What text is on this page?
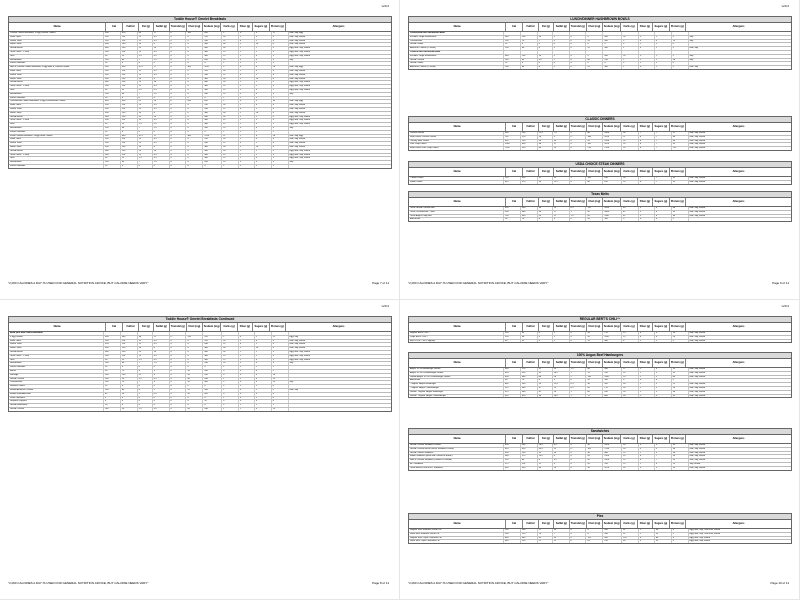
v20.2
"2,000 CALORIES A DAY IS USED FOR GENERAL NUTRITION ADVICE, BUT CALORIE NEEDS VARY"	Page 7 of 11
Toddle House® Omelet Breakfasts
Name	Cal	FatCal	Fat (g)	Satfat (g)	Transfat (g)	Chol (mg)	Sodium (mg)	Carbs (g)	Fiber (g)	Sugars (g)	Protein (g)	Allergens
Cheese Omelet Breakfast: 3 Egg Cheese Omelet	500	410	45	17	0	195	620	3	0	3	17	Milk, Soy, Egg
White Toast	230	110	12	4.5	0	0	370	26	1	4	4	Milk, Soy, Wheat
Wheat Toast	230	110	12	4.5	0	0	330	22	4	2	4	Milk, Soy, Wheat
Raisin Toast	300	130	14	6	0	0	360	38	2	16	6	Milk, Soy, Wheat
Grilled Biscuit	380	230	25	14	0	0	900	34	1	1	5	Egg, Milk, Soy, Wheat
Texas Toast - 1 Slice	200	110	12	4.5	0	0	300	19	1	2	3	Egg, Milk, Soy, Wheat
Grits	90	25	2.5	0.5	0	0	300	15	1	0	1	Egg, Milk, Soy, Wheat
Hashbrowns	190	60	7	2.5	0	0	240	29	3	0	3	Soy
Sliced Tomatoes	10	0	0	0	0	0	0	2	1	1	1
Ham & Cheese Omelet Breakfast: 3 Egg Ham & Cheese Omelet	560	430	47.5	17	0	305	1120	5	0	4	26	Milk, Soy, Egg
White Toast	230	110	12	4.5	0	0	370	26	1	4	4	Milk, Soy, Wheat
Wheat Toast	230	110	12	4.5	0	0	330	22	4	2	4	Milk, Soy, Wheat
Raisin Toast	300	130	14	6	0	0	360	38	2	16	6	Milk, Soy, Wheat
Grilled Biscuit	380	230	25	14	0	0	900	34	1	1	5	Egg, Milk, Soy, Wheat
Texas Toast - 1 Slice	200	110	12	4.5	0	0	300	19	1	2	3	Egg, Milk, Soy, Wheat
Grits	90	25	2.5	0.5	0	0	300	15	1	0	1	Egg, Milk, Soy, Wheat
Hashbrowns	190	60	7	2.5	0	0	240	29	3	0	3	Soy
Sliced Tomatoes	10	0	0	0	0	0	0	2	1	1	1
Cheesesteak Omelet Breakfast: 3 Egg Cheesesteak Omelet	630	450	51	20	0	445	820	5	0	3	33	Milk, Soy, Egg
White Toast	230	110	12	4.5	0	0	370	26	1	4	4	Milk, Soy, Wheat
Wheat Toast	230	110	12	4.5	0	0	330	22	4	2	4	Milk, Soy, Wheat
Raisin Toast	300	130	14	6	0	0	360	38	2	16	6	Milk, Soy, Wheat
Grilled Biscuit	380	230	25	14	0	0	900	34	1	1	5	Egg, Milk, Soy, Wheat
Texas Toast - 1 Slice	200	110	12	4.5	0	0	300	19	1	2	3	Egg, Milk, Soy, Wheat
Grits	90	25	2.5	0.5	0	0	300	15	1	0	1	Egg, Milk, Soy, Wheat
Hashbrowns	190	60	7	2.5	0	0	240	29	3	0	3	Soy
Sliced Tomatoes	10	0	0	0	0	0	0	2	1	1	1
Fiesta Omelet Breakfast: 3 Egg Fiesta Omelet	530	430	47.5	17	0	300	1510	11	1	6	26	Milk, Soy, Egg
White Toast	230	110	12	4.5	0	0	370	26	1	4	4	Milk, Soy, Wheat
Wheat Toast	230	110	12	4.5	0	0	330	22	4	2	4	Milk, Soy, Wheat
Raisin Toast	300	130	14	6	0	0	360	38	2	16	6	Milk, Soy, Wheat
Grilled Biscuit	380	230	25	14	0	0	900	34	1	1	5	Egg, Milk, Soy, Wheat
Texas Toast - 1 Slice	200	110	12	4.5	0	0	300	19	1	2	3	Egg, Milk, Soy, Wheat
Grits	90	25	2.5	0.5	0	0	300	15	1	0	1	Egg, Milk, Soy, Wheat
Hashbrowns	190	60	7	2.5	0	0	240	29	3	0	3	Soy
Sliced Tomatoes	10	0	0	0	0	0	0	2	1	1	1
v20.2
"2,000 CALORIES A DAY IS USED FOR GENERAL NUTRITION ADVICE, BUT CALORIE NEEDS VARY"	Page 9 of 11
LUNCH/DINNER HASHBROWN BOWLS
Name	Cal	FatCal	Fat (g)	Satfat (g)	Transfat (g)	Chol (mg)	Sodium (mg)	Carbs (g)	Fiber (g)	Sugars (g)	Protein (g)	Allergens
Cheesesteak Melt Hashbrown Bowl
Includes: Large Hashbrowns	380	130	14	5	0	0	490	59	5	1	5	Soy
Cheesesteak	130	70	7	3	0	55	500	3	0	0	15	Soy
Grilled Onions	15	0	0	0	0	0	0	3	1	1	0
American Cheese (2 Slices)	100	80	8	5	0	25	500	1	0	1	5	Milk, Soy
Chicken Melt Hashbrown Bowl
Includes: Large Hashbrowns	380	130	14	5	0	0	490	59	5	1	5	Soy
Grilled Chicken	140	30	3.5	1	0	80	740	1	1	1	28	Soy
Grilled Onions	15	0	0	0	0	0	0	3	1	1	0
American Cheese (2 Slices)	100	80	8	5	0	25	500	1	0	1	5	Milk, Soy
CLASSIC DINNERS
Name	Cal	FatCal	Fat (g)	Satfat (g)	Transfat (g)	Chol (mg)	Sodium (mg)	Carbs (g)	Fiber (g)	Sugars (g)	Protein (g)	Allergens
Chicken Dinner	565	190	21.5	7.5	0	80	1490	56	7	7	37	Milk, Soy, Wheat
Meat Lovers Chicken Dinner	785	210	26	9	0	180	2020	57	8	7	66	Milk, Soy, Wheat
Country Ham Dinner	635	250	28	10	0	95	2280	55	8	7	40	Milk, Soy, Wheat
Pork Chop Dinner	1065	430	48	17	0	190	1620	55	8	7	95	Milk, Soy, Wheat
Meat Lovers Pork Chop Dinner	1205	590	64	23	0	270	2150	55	8	7	122	Milk, Soy, Wheat
USDA CHOICE STEAK DINNERS
Name	Cal	FatCal	Fat (g)	Satfat (g)	Transfat (g)	Chol (mg)	Sodium (mg)	Carbs (g)	Fiber (g)	Sugars (g)	Protein (g)	Allergens
T-Bone Dinner	735	330	37	15	1	190	930	56	7	7	42	Milk, Soy, Wheat
Sirloin Dinner	815	370	30	11.5	0	60	870	55	8	7	59	Milk, Soy, Wheat
Texas Melts
Name	Cal	FatCal	Fat (g)	Satfat (g)	Transfat (g)	Chol (mg)	Sodium (mg)	Carbs (g)	Fiber (g)	Sugars (g)	Protein (g)	Allergens
Texas Grilled Chicken Melt	690	330	36	15	0.5	115	2040	43	3	6	48	Milk, Soy, Wheat
Texas Cheesesteak™ Melt	900	360	40	17	1	90	1860	42	3	6	35	Milk, Soy, Wheat
Texas Angus Patty Melt	730	450	50	21	1.5	85	1160	42	3	6	36	Milk, Soy, Wheat
Add Bacon	90	70	8	3	0	20	350	0	0	0	5
v20.2
"2,000 CALORIES A DAY IS USED FOR GENERAL NUTRITION ADVICE, BUT CALORIE NEEDS VARY"	Page 8 of 11
Toddle House® Omelet Breakfasts Continued
Name	Cal	FatCal	Fat (g)	Satfat (g)	Transfat (g)	Chol (mg)	Sodium (mg)	Carbs (g)	Fiber (g)	Sugars (g)	Protein (g)	Allergens
Build your own Omelet Breakfast
3 Egg Omelet	400	340	38	12	0	370	120	2	0	2	22	Egg, Soy
White Toast	230	110	12	4.5	0	0	370	26	1	4	4	Milk, Soy, Wheat
Wheat Toast	230	110	12	4.5	0	0	330	22	4	2	4	Milk, Soy, Wheat
Raisin Toast	300	130	14	6	0	0	360	38	2	16	6	Milk, Soy, Wheat
Grilled Biscuit	380	230	25	14	0	0	900	34	1	1	5	Egg, Milk, Soy, Wheat
Texas Toast - 1 Slice	200	110	12	4.5	0	0	300	19	1	2	3	Egg, Milk, Soy, Wheat
Grits	90	25	2.5	0.5	0	0	300	15	1	0	1	Egg, Milk, Soy, Wheat
Hashbrowns	190	60	7	2.5	0	0	240	29	3	0	3	Soy
Sliced Tomatoes	10	0	0	0	0	0	0	2	1	1	1
Bacon	90	70	8	3	0	20	350	0	0	0	5
Sausage	230	190	21	8	0	45	470	0	0	0	10
Grilled Chicken	140	20	2.5	0.5	0	90	930	1	1	0	29
Cheesesteak	130	70	7	3	0	55	500	3	0	0	15	Soy
Smoked Onions	15	0	0	0	0	0	0	3	1	1	0
Melted American Cheese	100	80	8	5	0	25	500	1	0	1	5	Milk, Soy
Melted Shredded Ham	45	20	2	0.5	0	20	420	0	0	0	4
Diced Tomatoes	5	0	0	0	0	0	0	1	0	1	0
Jalapeno Peppers	0	0	0	0	0	0	35	0	0	0	0
Grilled Mushrooms	20	0	0	0	0	0	0	3	1	1	1
Grilled Chicken	140	20	2.5	0.5	0	90	930	1	1	0	29
v20.2
"2,000 CALORIES A DAY IS USED FOR GENERAL NUTRITION ADVICE, BUT CALORIE NEEDS VARY"	Page 10 of 11
REGULAR BERT'S CHILI™
Name	Cal	FatCal	Fat (g)	Satfat (g)	Transfat (g)	Chol (mg)	Sodium (mg)	Carbs (g)	Fiber (g)	Sugars (g)	Protein (g)	Allergens
Regular Bert's Chili™	210	90	4	2	0	20	770	15	4	3	16	Milk, Soy, Wheat
Large Bert's Chili™	230	80	4	1	0	20	1100	15	6	6	24	Milk, Soy, Wheat
Bert'S Chili™ as a Topping	80	35	4	1	0	15	380	8	2	2	5	Milk, Soy, Wheat
100% Angus Beef Hamburgers
Name	Cal	FatCal	Fat (g)	Satfat (g)	Transfat (g)	Chol (mg)	Sodium (mg)	Carbs (g)	Fiber (g)	Sugars (g)	Protein (g)	Allergens
Angus 1/4 LB Hamburger Deluxe	560	270	31	10	1.5	60	540	27	2	4	29	Milk, Soy, Wheat
Angus 1/4 LB Cheeseburger Deluxe	620	310	35	18.5	1	75	790	29	2	5	32	Milk, Soy, Wheat
Double Angus 1/4 LB Cheeseburger Deluxe	890	600	66	28	2	150	1100	29	2	5	60	Milk, Soy, Wheat
Add Bacon	90	70	8	3	0	20	350	0	0	0	5
"Original" Angus Hamburger	465	200	23	12.5	0.5	30	520	30	2	5	21	Milk, Soy, Wheat
"Original" Angus Cheeseburger	515	340	37	15	0.5	45	770	30	2	5	24	Milk, Soy, Wheat
Double "Original" Angus Hamburger	575	380	42	16	1	60	550	30	2	5	38	Milk, Soy, Wheat
Double "Original" Angus Cheeseburger	625	420	46	18.5	1	75	800	30	2	5	41	Milk, Soy, Wheat
Sandwiches
Name	Cal	FatCal	Fat (g)	Satfat (g)	Transfat (g)	Chol (mg)	Sodium (mg)	Carbs (g)	Fiber (g)	Sugars (g)	Protein (g)	Allergens
Grilled Chicken Sandwich Deluxe	490	240	26.5	6.5	0	90	1420	30	3	5	33	Milk, Soy, Wheat
Grilled Chicken Bacon Ranch Sandwich Deluxe	620	350	39.5	15	0	105	1740	30	3	5	38	Milk, Soy, Wheat
Grilled Cheese Sandwich	430	290	32	14	0	30	980	25	1	5	10	Milk, Soy, Wheat
Waffle Sandwich (Ham and Cheese or Bacon)	380	175	19.5	8	0	45	1320	29	4	7	26	Milk, Soy, Wheat
Ham & Cheese Sandwich (Lettuce & Tomato)	295	80	8	3.5	0	45	1200	29	4	7	24	Milk, Soy, Wheat
BLT Sandwich	275	110	12	4	0	20	780	25	2	4	15	Soy, Wheat
Texas Bacon Lover's BLT Sandwich	635	390	44	16	0	50	1670	39	3	5	24	Milk, Soy, Wheat
Pies
Name	Cal	FatCal	Fat (g)	Satfat (g)	Transfat (g)	Chol (mg)	Sodium (mg)	Carbs (g)	Fiber (g)	Sugars (g)	Protein (g)	Allergens
Regular Slice Southern Pecan Pie	520	240	27	14	0	0	280	61	1	46	4	Egg, Milk, Soy, Tree Nuts, Wheat
Small Slice Southern Pecan Pie	260	120	13	7	0	0	140	32	1	23	2	Egg, Milk, Soy, Tree Nuts, Wheat
Regular Slice Triple Chocolate Pie	880	380	42	24	0	125	420	120	0	64	9	Egg, Milk, Soy, Wheat
Small Slice Triple Chocolate Pie	440	190	21	12	0	65	210	60	0	32	4	Egg, Milk, Soy, Wheat
